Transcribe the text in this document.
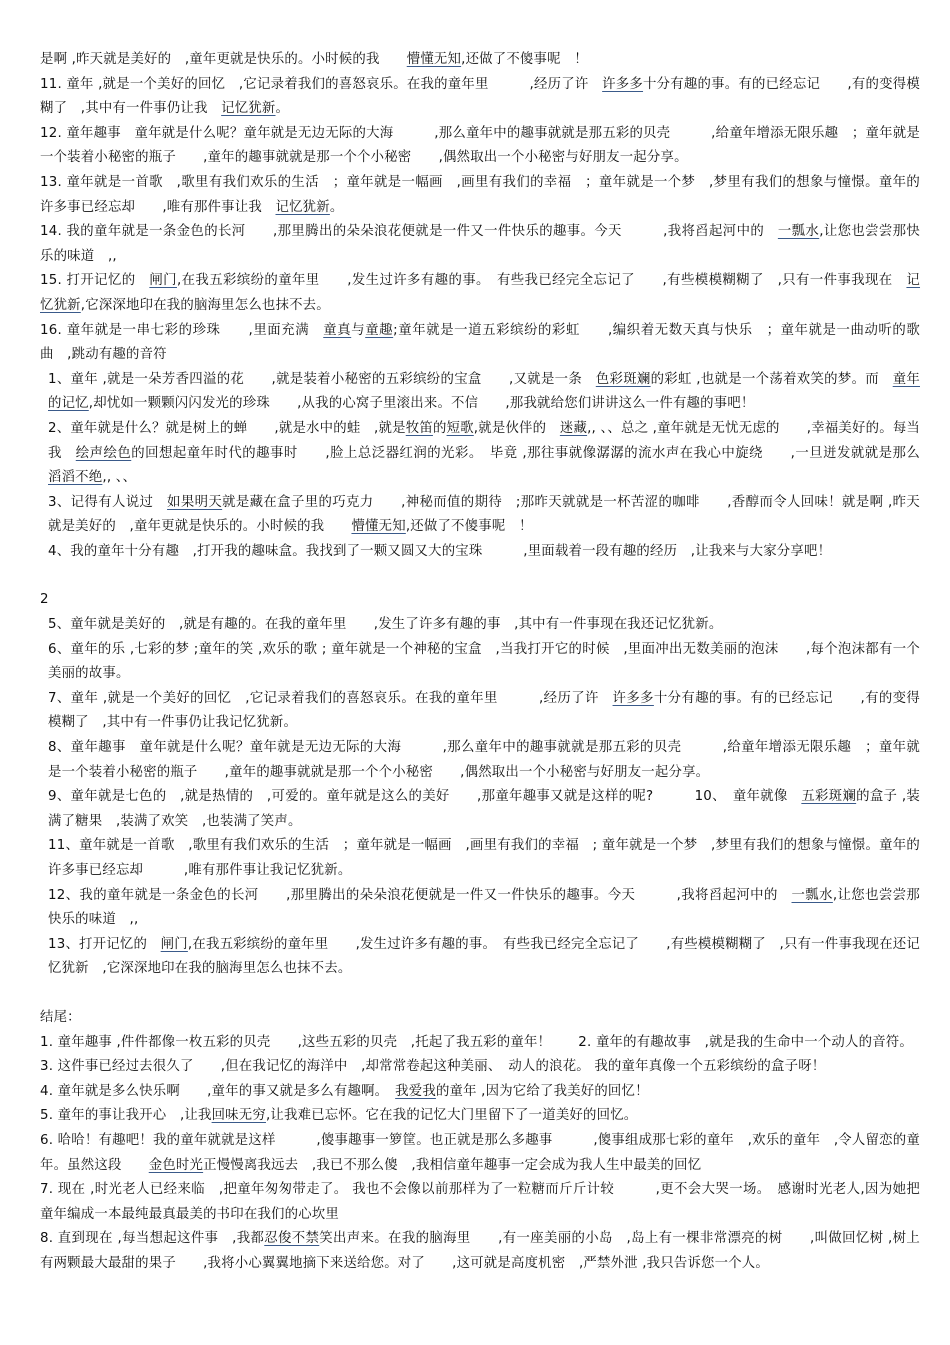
是啊 ,昨天就是美好的　,童年更就是快乐的。小时候的我　　懵懂无知,还做了不傻事呢　！

11. 童年 ,就是一个美好的回忆　,它记录着我们的喜怒哀乐。在我的童年里　　　,经历了许　许多多十分有趣的事。有的已经忘记　　,有的变得模糊了　,其中有一件事仍让我　记忆犹新。

12. 童年趣事　童年就是什么呢？童年就是无边无际的大海　　　,那么童年中的趣事就就是那五彩的贝壳　　　,给童年增添无限乐趣　；童年就是一个装着小秘密的瓶子　　,童年的趣事就就是那一个个小秘密　　,偶然取出一个小秘密与好朋友一起分享。

13. 童年就是一首歌　,歌里有我们欢乐的生活　；童年就是一幅画　,画里有我们的幸福　；童年就是一个梦　,梦里有我们的想象与憧憬。童年的许多事已经忘却　　,唯有那件事让我　记忆犹新。

14. 我的童年就是一条金色的长河　　,那里腾出的朵朵浪花便就是一件又一件快乐的趣事。今天　　　,我将舀起河中的　一瓢水,让您也尝尝那快乐的味道　,,

15. 打开记忆的　闸门,在我五彩缤纷的童年里　　,发生过许多有趣的事。　有些我已经完全忘记了　　,有些模模糊糊了　,只有一件事我现在　记忆犹新,它深深地印在我的脑海里怎么也抹不去。

16. 童年就是一串七彩的珍珠　　,里面充满　童真与童趣;童年就是一道五彩缤纷的彩虹　　,编织着无数天真与快乐　；童年就是一曲动听的歌曲　,跳动有趣的音符

1、童年 ,就是一朵芳香四溢的花　　,就是装着小秘密的五彩缤纷的宝盒　　,又就是一条　色彩斑斓的彩虹 ,也就是一个荡着欢笑的梦。而　童年的记忆,却忧如一颗颗闪闪发光的珍珠　　,从我的心窝子里滚出来。不信　　,那我就给您们讲讲这么一件有趣的事吧！

2、童年就是什么？就是树上的蝉　　,就是水中的蛙　,就是牧笛的短歌,就是伙伴的　迷藏,, 、、总之 ,童年就是无忧无虑的　　,幸福美好的。每当我　绘声绘色的回想起童年时代的趣事时　　,脸上总泛器红润的光彩。　毕竟 ,那往事就像潺潺的流水声在我心中旋绕　　,一旦迸发就就是那么　滔滔不绝,, 、、

3、记得有人说过　如果明天就是藏在盒子里的巧克力　　,神秘而值的期待　;那昨天就就是一杯苦涩的咖啡　　,香醇而令人回味！就是啊 ,昨天就是美好的　,童年更就是快乐的。小时候的我　　懵懂无知,还做了不傻事呢　！

4、我的童年十分有趣　,打开我的趣味盒。我找到了一颗又圆又大的宝珠　　　,里面载着一段有趣的经历　,让我来与大家分享吧！

2

5、童年就是美好的　,就是有趣的。在我的童年里　　,发生了许多有趣的事　,其中有一件事现在我还记忆犹新。

6、童年的乐 ,七彩的梦 ;童年的笑 ,欢乐的歌 ; 童年就是一个神秘的宝盒　,当我打开它的时候　,里面冲出无数美丽的泡沫　　,每个泡沫都有一个美丽的故事。

7、童年 ,就是一个美好的回忆　,它记录着我们的喜怒哀乐。在我的童年里　　　,经历了许　许多多十分有趣的事。有的已经忘记　　,有的变得模糊了　,其中有一件事仍让我记忆犹新。

8、童年趣事　童年就是什么呢？童年就是无边无际的大海　　　,那么童年中的趣事就就是那五彩的贝壳　　　,给童年增添无限乐趣　；童年就是一个装着小秘密的瓶子　　,童年的趣事就就是那一个个小秘密　　,偶然取出一个小秘密与好朋友一起分享。

9、童年就是七色的　,就是热情的　,可爱的。童年就是这么的美好　　,那童年趣事又就是这样的呢?　　　10、　童年就像　五彩斑斓的盒子 ,装满了糖果　,装满了欢笑　,也装满了笑声。

11、童年就是一首歌　,歌里有我们欢乐的生活　；童年就是一幅画　,画里有我们的幸福　; 童年就是一个梦　,梦里有我们的想象与憧憬。童年的许多事已经忘却　　　,唯有那件事让我记忆犹新。

12、我的童年就是一条金色的长河　　,那里腾出的朵朵浪花便就是一件又一件快乐的趣事。今天　　　,我将舀起河中的　一瓢水,让您也尝尝那快乐的味道　,,

13、打开记忆的　闸门,在我五彩缤纷的童年里　　,发生过许多有趣的事。　有些我已经完全忘记了　　,有些模模糊糊了　,只有一件事我现在还记忆犹新　,它深深地印在我的脑海里怎么也抹不去。

结尾：

1. 童年趣事 ,件件都像一枚五彩的贝壳　　,这些五彩的贝壳　,托起了我五彩的童年！　　2. 童年的有趣故事　,就是我的生命中一个动人的音符。

3. 这件事已经过去很久了　　,但在我记忆的海洋中　,却常常卷起这种美丽、　动人的浪花。 我的童年真像一个五彩缤纷的盒子呀！

4. 童年就是多么快乐啊　　,童年的事又就是多么有趣啊。　我爱我的童年 ,因为它给了我美好的回忆！

5. 童年的事让我开心　,让我回味无穷,让我难已忘怀。它在我的记忆大门里留下了一道美好的回忆。

6. 哈哈！有趣吧！我的童年就就是这样　　　,傻事趣事一箩筐。也正就是那么多趣事　　　,傻事组成那七彩的童年　,欢乐的童年　,令人留恋的童年。虽然这段　　金色时光正慢慢离我远去　,我已不那么傻　,我相信童年趣事一定会成为我人生中最美的回忆

7. 现在 ,时光老人已经来临　,把童年匆匆带走了。 我也不会像以前那样为了一粒糖而斤斤计较　　　,更不会大哭一场。　感谢时光老人,因为她把童年编成一本最纯最真最美的书印在我们的心坎里

8. 直到现在 ,每当想起这件事　,我都忍俊不禁笑出声来。在我的脑海里　　,有一座美丽的小岛　,岛上有一棵非常漂亮的树　　,叫做回忆树 ,树上有两颗最大最甜的果子　　,我将小心翼翼地摘下来送给您。对了　　,这可就是高度机密　,严禁外泄 ,我只告诉您一个人。
